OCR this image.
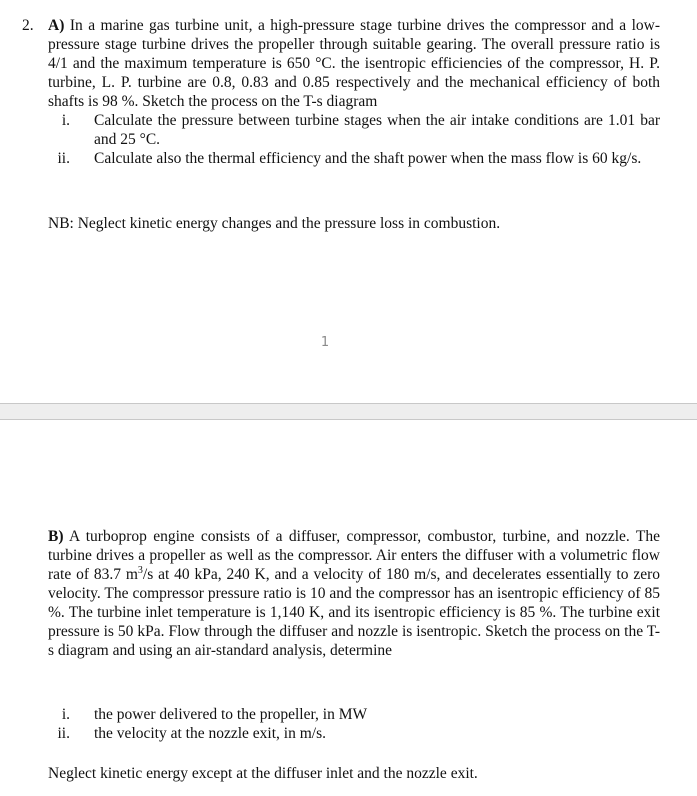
2. A) In a marine gas turbine unit, a high-pressure stage turbine drives the compressor and a low-pressure stage turbine drives the propeller through suitable gearing. The overall pressure ratio is 4/1 and the maximum temperature is 650 °C. the isentropic efficiencies of the compressor, H. P. turbine, L. P. turbine are 0.8, 0.83 and 0.85 respectively and the mechanical efficiency of both shafts is 98 %. Sketch the process on the T-s diagram
i. Calculate the pressure between turbine stages when the air intake conditions are 1.01 bar and 25 °C.
ii. Calculate also the thermal efficiency and the shaft power when the mass flow is 60 kg/s.
NB: Neglect kinetic energy changes and the pressure loss in combustion.
1
B) A turboprop engine consists of a diffuser, compressor, combustor, turbine, and nozzle. The turbine drives a propeller as well as the compressor. Air enters the diffuser with a volumetric flow rate of 83.7 $m^3/s$ at 40 kPa, 240 K, and a velocity of 180 m/s, and decelerates essentially to zero velocity. The compressor pressure ratio is 10 and the compressor has an isentropic efficiency of 85 %. The turbine inlet temperature is 1,140 K, and its isentropic efficiency is 85 %. The turbine exit pressure is 50 kPa. Flow through the diffuser and nozzle is isentropic. Sketch the process on the T-s diagram and using an air-standard analysis, determine
i. the power delivered to the propeller, in MW
ii. the velocity at the nozzle exit, in m/s.
Neglect kinetic energy except at the diffuser inlet and the nozzle exit.
